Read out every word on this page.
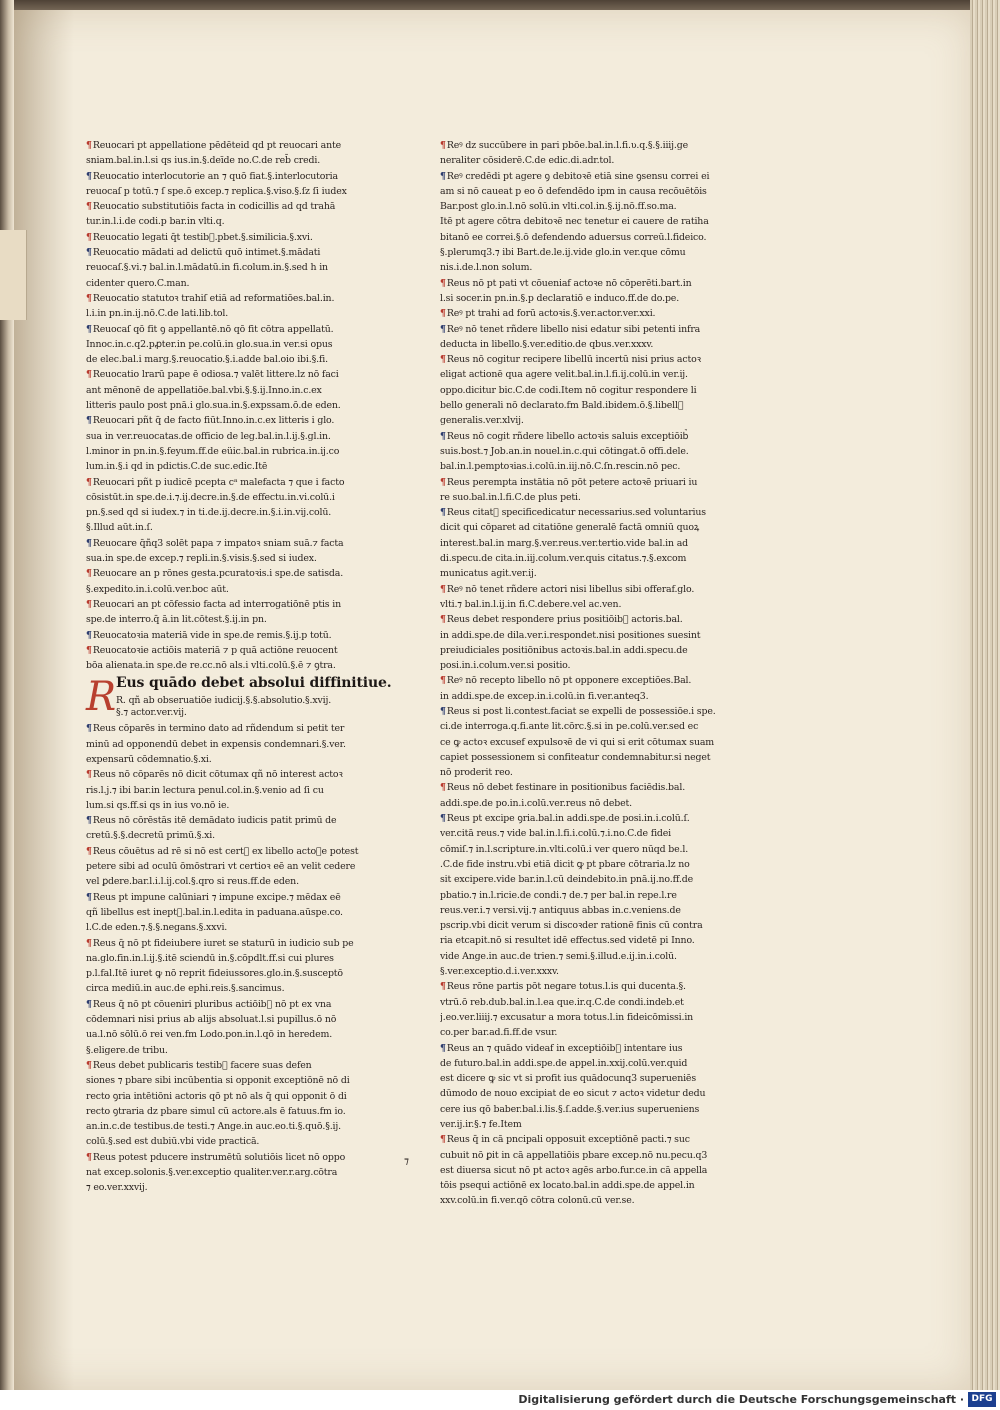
¶Reuocari pt appellatione pēdēteid qd pt reuocari ante
sniam.bal.in.l.si qs ius.in.§.deīde no.C.de reb̄ credi.
¶Reuocatio interlocutorie an ⁊ quō fiat.§.interlocutoria
reuocaſ p totū.⁊ ſ spe.ō excep.⁊ replica.§.viso.§.ſz ſi iudex
¶Reuocatio substitutiōis facta in codicillis ad qd trahā
tur.in.l.i.de codi.p bar.in vlti.q.
¶Reuocatio legati q̄t testib᷒.pbet.§.similicia.§.xvi.
¶Reuocatio mādati ad delictū quō intimet.§.mādati
reuocaſ.§.vi.⁊ bal.in.l.mādatū.in fi.colum.in.§.sed h in
cidenter quero.C.man.
¶Reuocatio statutoꝛ trahiſ etiā ad reformatiōes.bal.in.
l.i.in pn.in.ij.nō.C.de lati.lib.tol.
¶Reuocaſ qō fit ꝯ appellantē.nō qō fit cōtra appellatū.
Innoc.in.c.q2.pꝓter.in pe.colū.in glo.sua.in ver.si opus
de elec.bal.i marg.§.reuocatio.§.i.adde bal.oio ibi.§.fi.
¶Reuocatio lrarū pape ē odiosa.⁊ valēt littere.lz nō faci
ant mēnonē de appellatiōe.bal.vbi.§.§.ij.Inno.in.c.ex
litteris paulo post pnā.i glo.sua.in.§.expssam.ō.de eden.
¶Reuocari pñt q̄ de facto fiūt.Inno.in.c.ex litteris i glo.
sua in ver.reuocatas.de officio de leg.bal.in.l.ij.§.gl.in.
l.minor in pn.in.§.feyum.ff.de eüic.bal.in rubrica.in.ij.co
lum.in.§.i qd in pdictis.C.de suc.edic.Itē
¶Reuocari pñt p iudicē pcepta cᵃ malefacta ⁊ que i facto
cōsistūt.in spe.de.i.⁊.ij.decre.in.§.de effectu.in.vi.colū.i
pn.§.sed qd si iudex.⁊ in ti.de.ij.decre.in.§.i.in.vij.colū.
§.Illud aūt.in.ſ.
¶Reuocare q̄ñq3 solēt papa ⁊ impatoꝛ sniam suā.⁊ facta
sua.in spe.de excep.⁊ repli.in.§.visis.§.sed si iudex.
¶Reuocare an p rōnes gesta.pcuratoꝛis.i spe.de satisda.
§.expedito.in.i.colū.ver.boc aūt.
¶Reuocari an pt cōfessio facta ad interrogatiōnē ptis in
spe.de interro.q̄ ā.in lit.cōtest.§.ij.in pn.
¶Reuocatoꝛia materiā vide in spe.de remis.§.ij.p totū.
¶Reuocatoꝛie actiōis materiā ⁊ p quā actiōne reuocent
bōa alienata.in spe.de re.cc.nō als.i vlti.colū.§.ē ⁊ ꝯtra.
R Eus quādo debet absolui diffinitiue.
R. qñ ab obseruatiōe iudicij.§.§.absolutio.§.xvij.
§.⁊ actor.ver.vij.
¶Reus cōparēs in termino dato ad rñdendum si petit ter
minū ad opponendū debet in expensis condemnari.§.ver.
expensarū cōdemnatio.§.xi.
¶Reus nō cōparēs nō dicit cōtumax qñ nō interest actoꝛ
ris.l.j.⁊ ibi bar.in lectura penul.col.in.§.venio ad ſi cu
lum.si qs.ff.si qs in ius vo.nō ie.
¶Reus nō cōrēstās itē demādato iudicis patit primū de
cretū.§.§.decretū primū.§.xi.
¶Reus cōuētus ad rē si nō est cert᷒ ex libello actoꝛe potest
petere sibi ad oculū ōmōstrari vt certioꝛ eē an velit cedere
vel ꝑdere.bar.l.i.l.ij.col.§.qro si reus.ff.de eden.
¶Reus pt impune calūniari ⁊ impune excipe.⁊ mēdax eē
qñ libellus est inept᷒.bal.in.l.edita in paduana.aūspe.co.
l.C.de eden.⁊.§.§.negans.§.xxvi.
¶Reus q̄ nō pt fideiubere iuret se staturū in iudicio sub pe
na.glo.fin.in.l.ij.§.itē sciendū in.§.cōpdlt.ff.si cui plures
p.l.fal.Itē iuret ꝙ nō reprit fideiussores.glo.in.§.susceptō
circa mediū.in auc.de ephi.reis.§.sancimus.
¶Reus q̄ nō pt cōueniri pluribus actiōib᷒ nō pt ex vna
cōdemnari nisi prius ab alijs absoluat.l.si pupillus.ō nō
ua.l.nō sōlū.ō rei ven.fm Lodo.pon.in.l.qō in heredem.
§.eligere.de tribu.
¶Reus debet publicaris testib᷒ facere suas defen
siones ⁊ pbare sibi incūbentia si opponit exceptiōnē nō di
recto ꝯria intētiōni actoris qō pt nō als q̄ qui opponit ō di
recto ꝯtraria dz pbare simul cū actore.als ē fatuus.fm io.
an.in.c.de testibus.de testi.⁊ Ange.in auc.eo.ti.§.quō.§.ij.
colū.§.sed est dubiū.vbi vide practicā.
¶Reus potest pducere instrumētū solutiōis licet nō oppo
nat excep.solonis.§.ver.exceptio qualiter.ver.r.arg.cōtra
⁊ eo.ver.xxvij.
¶Reꝰ dz succūbere in pari pbōe.bal.in.l.fi.ʋ.q.§.§.iiij.ge
neraliter cōsiderē.C.de edic.di.adr.tol.
¶Reꝰ credēdi pt agere ꝯ debitoꝛē etiā sine ꝯsensu correi ei
am si nō caueat p eo ō defendēdo ipm in causa recōuētōis
Bar.post glo.in.l.nō solū.in vlti.col.in.§.ij.nō.ff.so.ma.
Itē pt agere cōtra debitoꝛē nec tenetur ei cauere de ratiha
bitanō ee correi.§.ō defendendo aduersus correū.l.fideico.
§.plerumq3.⁊ ibi Bart.de.le.ij.vide glo.in ver.que cōmu
nis.i.de.l.non solum.
¶Reus nō pt pati vt cōueniaf actoꝛe nō cōperēti.bart.in
l.si socer.in pn.in.§.p declaratiō e induco.ff.de do.pe.
¶Reꝰ pt trahi ad forū actoꝛis.§.ver.actor.ver.xxi.
¶Reꝰ nō tenet rñdere libello nisi edatur sibi petenti infra
deducta in libello.§.ver.editio.de qbus.ver.xxxv.
¶Reus nō cogitur recipere libellū incertū nisi prius actoꝛ
eligat actionē qua agere velit.bal.in.l.fi.ij.colū.in ver.ij.
oppo.dicitur bic.C.de codi.Item nō cogitur respondere li
bello generali nō declarato.fm Bald.ibidem.ō.§.libell᷒
generalis.ver.xlvij.
¶Reus nō cogit rñdere libello actoꝛis saluis exceptiōib᷒
suis.bost.⁊ Job.an.in nouel.in.c.qui cōtingat.ō offi.dele.
bal.in.l.pemptoꝛias.i.colū.in.iij.nō.C.ſn.rescin.nō pec.
¶Reus perempta instātia nō pōt petere actoꝛē priuari iu
re suo.bal.in.l.fi.C.de plus peti.
¶Reus citat᷒ specificedicatur necessarius.sed voluntarius
dicit qui cōparet ad citatiōne generalē factā omniū quoꝝ
interest.bal.in marg.§.ver.reus.ver.tertio.vide bal.in ad
di.specu.de cita.in.iij.colum.ver.quis citatus.⁊.§.excom
municatus agit.ver.ij.
¶Reꝰ nō tenet rñdere actori nisi libellus sibi offeraf.glo.
vlti.⁊ bal.in.l.ij.in fi.C.debere.vel ac.ven.
¶Reus debet respondere prius positiōib᷒ actoris.bal.
in addi.spe.de dila.ver.i.respondet.nisi positiones suesint
preiudiciales positiōnibus actoꝛis.bal.in addi.specu.de
posi.in.i.colum.ver.si positio.
¶Reꝰ nō recepto libello nō pt opponere exceptiōes.Bal.
in addi.spe.de excep.in.i.colū.in fi.ver.anteq3.
¶Reus si post li.contest.faciat se expelli de possessiōe.i spe.
ci.de interroga.q.fi.ante lit.cōrc.§.si in pe.colū.ver.sed ec
ce ꝙ actoꝛ excusef expulsoꝛē de vi qui si erit cōtumax suam
capiet possessionem si confiteatur condemnabitur.si neget
nō proderit reo.
¶Reus nō debet festinare in positionibus faciēdis.bal.
addi.spe.de po.in.i.colū.ver.reus nō debet.
¶Reus pt excipe ꝯria.bal.in addi.spe.de posi.in.i.colū.ſ.
ver.citā reus.⁊ vide bal.in.l.fi.i.colū.⁊.i.no.C.de fidei
cōmiſ.⁊ in.l.scripture.in.vlti.colū.i ver quero nūqd be.l.
.C.de fide instru.vbi etiā dicit ꝙ pt pbare cōtraria.lz no
sit excipere.vide bar.in.l.cū deindebito.in pnā.ij.no.ff.de
pbatio.⁊ in.l.ricie.de condi.⁊ de.⁊ per bal.in repe.l.re
reus.ver.i.⁊ versi.vij.⁊ antiquus abbas in.c.veniens.de
pscrip.vbi dicit verum si discoꝛder rationē finis cū contra
ria etcapit.nō si resultet idē effectus.sed videtē pi Inno.
vide Ange.in auc.de trien.⁊ semi.§.illud.e.ij.in.i.colū.
§.ver.exceptio.d.i.ver.xxxv.
¶Reus rōne partis pōt negare totus.l.is qui ducenta.§.
vtrū.ō reb.dub.bal.in.l.ea que.ir.q.C.de condi.indeb.et
j.eo.ver.liiij.⁊ excusatur a mora totus.l.in fideicōmissi.in
co.per bar.ad.fi.ff.de vsur.
¶Reus an ⁊ quādo videaf in exceptiōib᷒ intentare ius
de futuro.bal.in addi.spe.de appel.in.xxij.colū.ver.quid
est dicere ꝙ sic vt si profit ius quādocunq3 superueniēs
dūmodo de nouo excipiat de eo sicut ⁊ actoꝛ videtur dedu
cere ius qō baber.bal.i.lis.§.ſ.adde.§.ver.ius superueniens
ver.ij.ir.§.⁊ fe.Item
¶Reus q̄ in cā pncipali opposuit exceptiōnē pacti.⁊ suc
cubuit nō ꝑit in cā appellatiōis pbare excep.nō nu.pecu.q3
est diuersa sicut nō pt actoꝛ agēs arbo.fur.ce.in cā appella
tōis psequi actiōnē ex locato.bal.in addi.spe.de appel.in
xxv.colū.in fi.ver.qō cōtra colonū.cū ver.se.
⁊
Digitalisierung gefördert durch die Deutsche Forschungsgemeinschaft · DFG
